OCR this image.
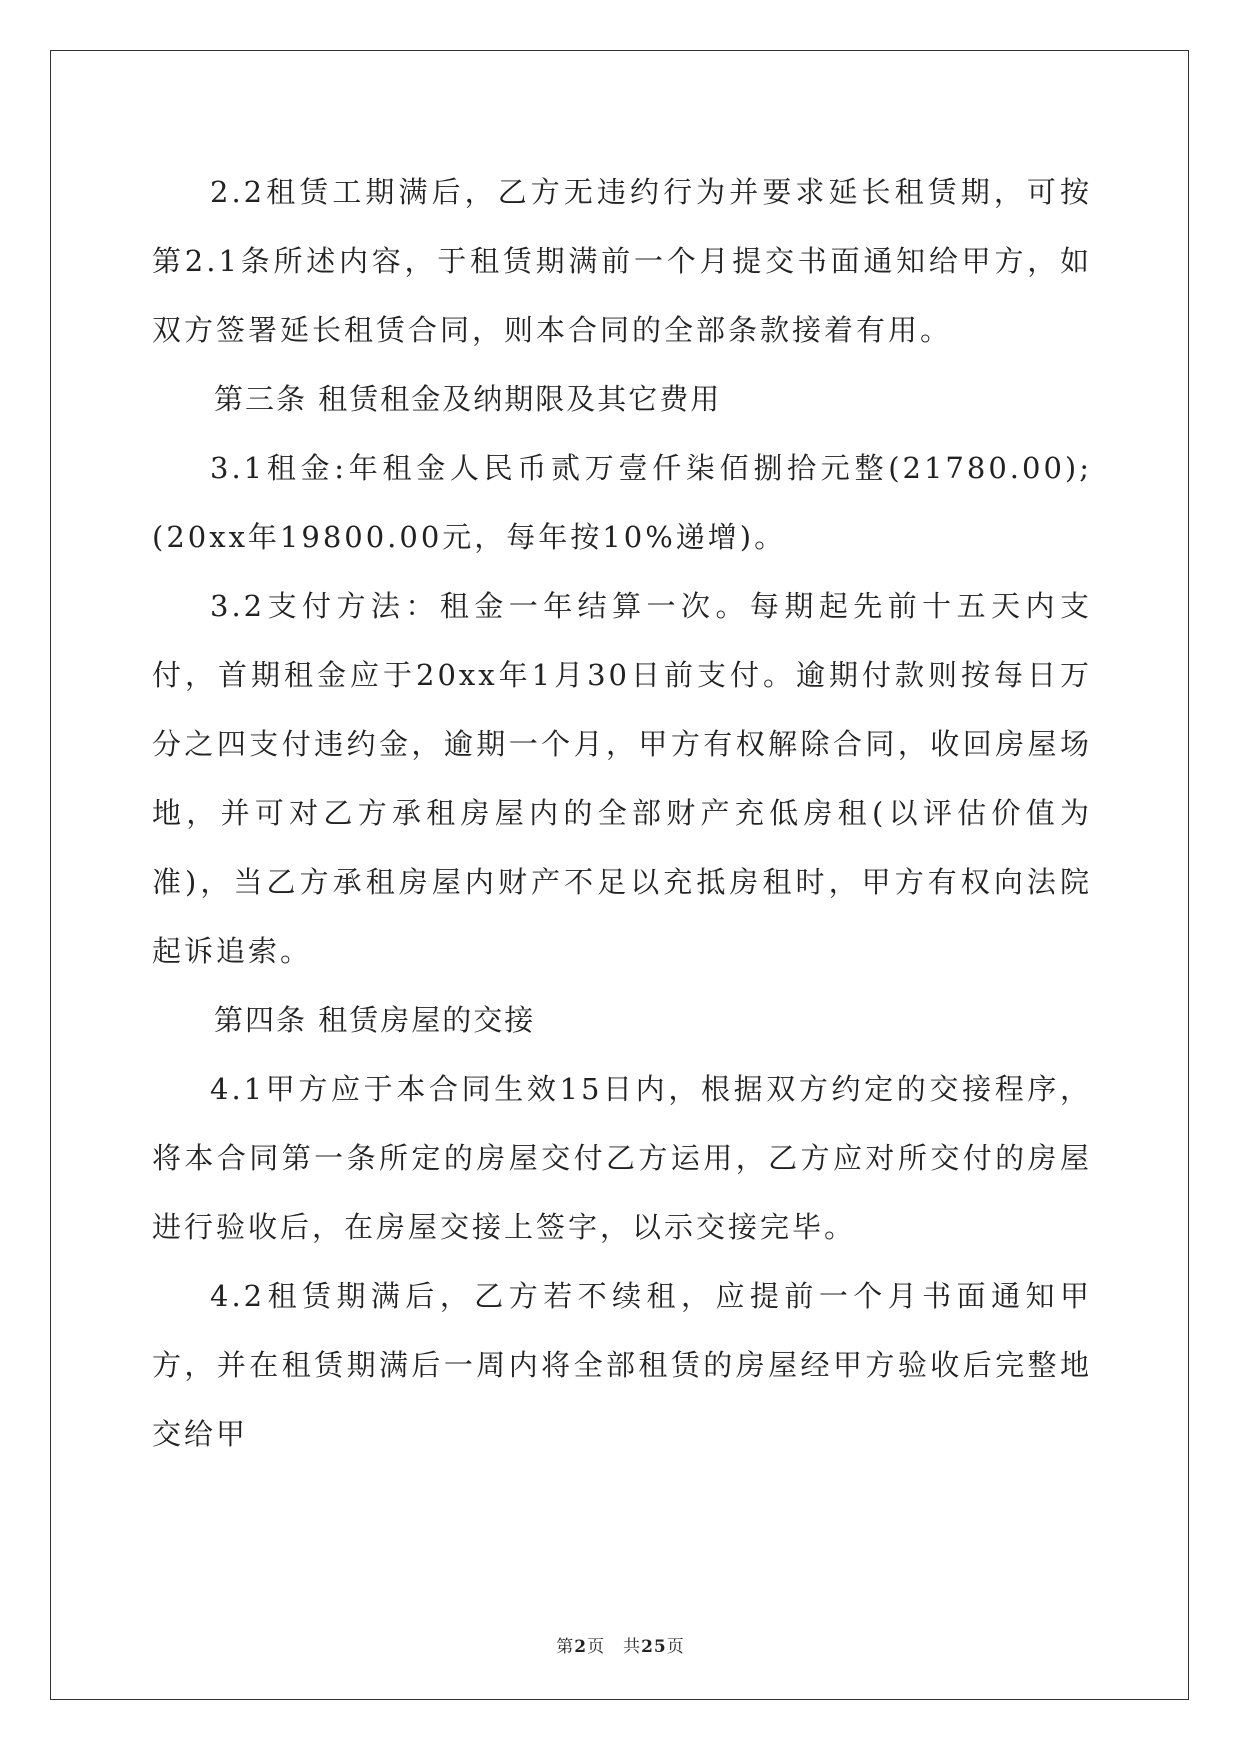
2.2租赁工期满后，乙方无违约行为并要求延长租赁期，可按第2.1条所述内容，于租赁期满前一个月提交书面通知给甲方，如双方签署延长租赁合同，则本合同的全部条款接着有用。

第三条 租赁租金及纳期限及其它费用

3.1租金:年租金人民币贰万壹仟柒佰捌拾元整(21780.00);(20xx年19800.00元，每年按10%递增)。

3.2支付方法：租金一年结算一次。每期起先前十五天内支付，首期租金应于20xx年1月30日前支付。逾期付款则按每日万分之四支付违约金，逾期一个月，甲方有权解除合同，收回房屋场地，并可对乙方承租房屋内的全部财产充低房租(以评估价值为准)，当乙方承租房屋内财产不足以充抵房租时，甲方有权向法院起诉追索。

第四条 租赁房屋的交接

4.1甲方应于本合同生效15日内，根据双方约定的交接程序，将本合同第一条所定的房屋交付乙方运用，乙方应对所交付的房屋进行验收后，在房屋交接上签字，以示交接完毕。

4.2租赁期满后，乙方若不续租，应提前一个月书面通知甲方，并在租赁期满后一周内将全部租赁的房屋经甲方验收后完整地交给甲

第2页 共25页
